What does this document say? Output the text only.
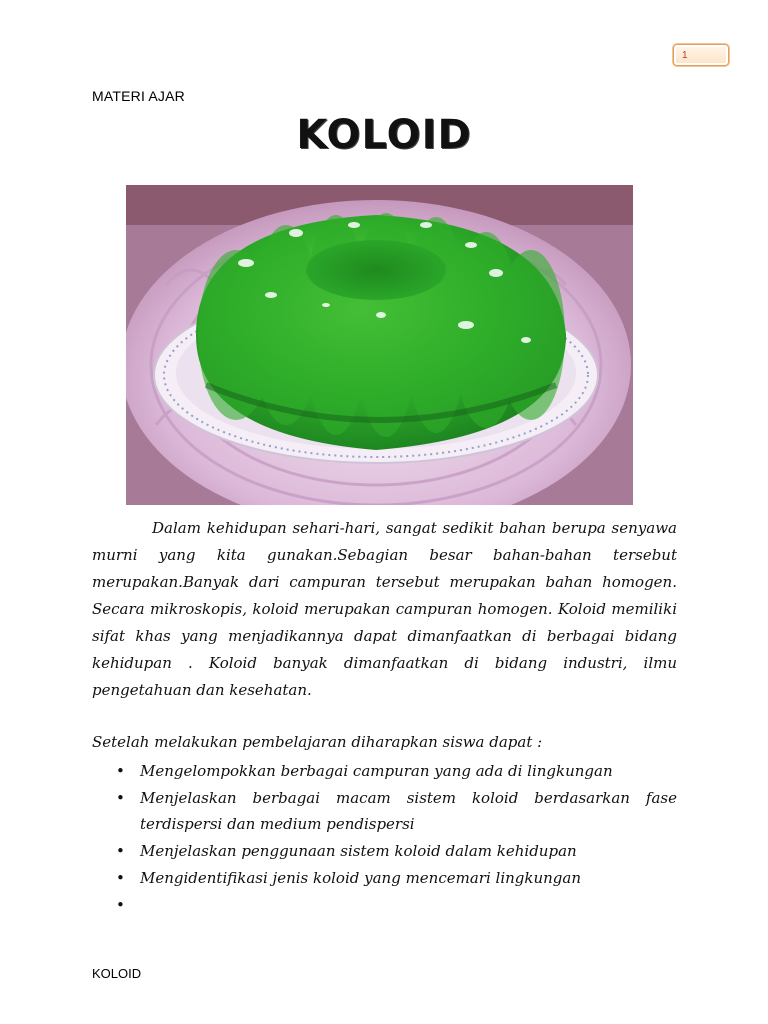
1
MATERI AJAR
KOLOID

Dalam kehidupan sehari-hari, sangat sedikit bahan berupa senyawa murni yang kita gunakan.Sebagian besar bahan-bahan tersebut merupakan.Banyak dari campuran tersebut merupakan bahan homogen. Secara mikroskopis, koloid merupakan campuran homogen. Koloid memiliki sifat khas yang menjadikannya dapat dimanfaatkan di berbagai bidang kehidupan . Koloid banyak dimanfaatkan di bidang industri, ilmu pengetahuan dan kesehatan.

Setelah melakukan pembelajaran diharapkan siswa dapat :
• Mengelompokkan berbagai campuran yang ada di lingkungan
• Menjelaskan berbagai macam sistem koloid berdasarkan fase terdispersi dan medium pendispersi
• Menjelaskan penggunaan sistem koloid dalam kehidupan
• Mengidentifikasi jenis koloid yang mencemari lingkungan
KOLOID
